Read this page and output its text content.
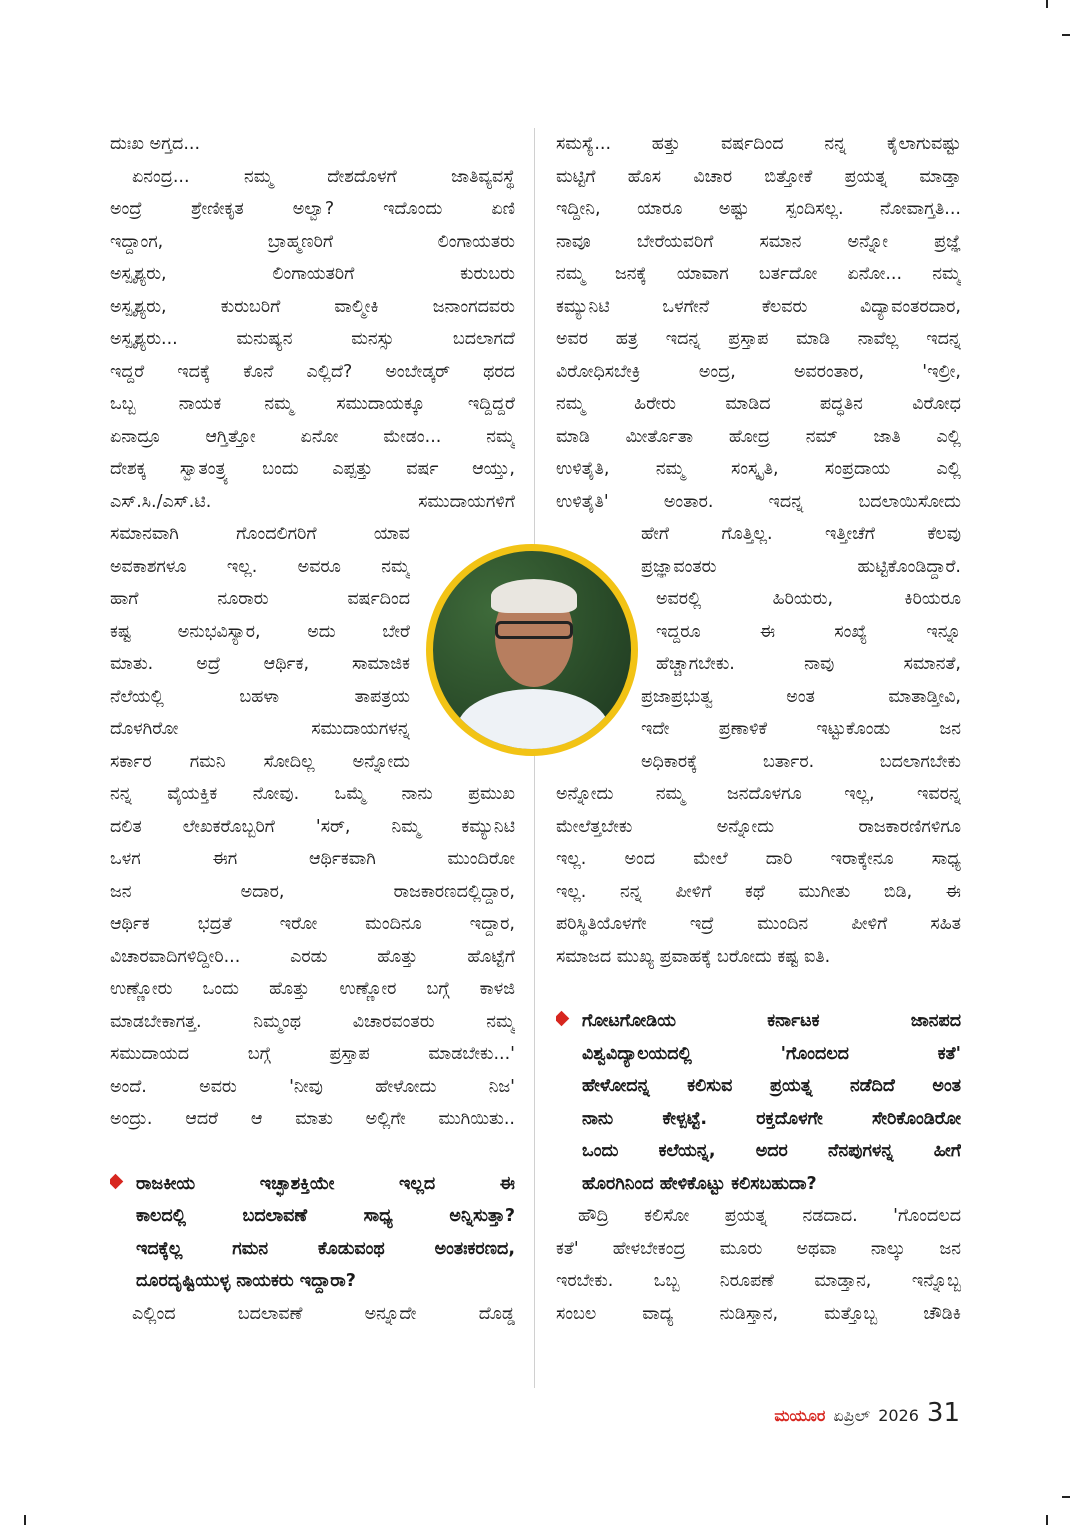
ದುಃಖ ಅಗ್ತದ...
ಏನಂದ್ರ... ನಮ್ಮ ದೇಶದೊಳಗೆ ಜಾತಿವ್ಯವಸ್ಥೆ
ಅಂದ್ರೆ ಶ್ರೇಣೀಕೃತ ಅಲ್ವಾ? ಇದೊಂದು ಏಣಿ
ಇದ್ದಾಂಗ, ಬ್ರಾಹ್ಮಣರಿಗೆ ಲಿಂಗಾಯತರು
ಅಸ್ಪೃಶ್ಯರು, ಲಿಂಗಾಯತರಿಗೆ ಕುರುಬರು
ಅಸ್ಪೃಶ್ಯರು, ಕುರುಬರಿಗೆ ವಾಲ್ಮೀಕಿ ಜನಾಂಗದವರು
ಅಸ್ಪೃಶ್ಯರು... ಮನುಷ್ಯನ ಮನಸ್ಸು ಬದಲಾಗದೆ
ಇದ್ದರೆ ಇದಕ್ಕೆ ಕೊನೆ ಎಲ್ಲಿದೆ? ಅಂಬೇಡ್ಕರ್ ಥರದ
ಒಬ್ಬ ನಾಯಕ ನಮ್ಮ ಸಮುದಾಯಕ್ಕೂ ಇದ್ದಿದ್ದರೆ
ಏನಾದ್ರೂ ಆಗ್ತಿತ್ತೋ ಏನೋ ಮೇಡಂ... ನಮ್ಮ
ದೇಶಕ್ಕ ಸ್ವಾತಂತ್ರ್ಯ ಬಂದು ಎಪ್ಪತ್ತು ವರ್ಷ ಆಯ್ತು,
ಎಸ್.ಸಿ./ಎಸ್.ಟಿ. ಸಮುದಾಯಗಳಿಗೆ
ಸಮಾನವಾಗಿ ಗೊಂದಲಿಗರಿಗೆ ಯಾವ
ಅವಕಾಶಗಳೂ ಇಲ್ಲ. ಅವರೂ ನಮ್ಮ
ಹಾಗೆ ನೂರಾರು ವರ್ಷದಿಂದ
ಕಷ್ಟ ಅನುಭವಿಸ್ಯಾರ, ಅದು ಬೇರೆ
ಮಾತು. ಅದ್ರೆ ಆರ್ಥಿಕ, ಸಾಮಾಜಿಕ
ನೆಲೆಯಲ್ಲಿ ಬಹಳಾ ತಾಪತ್ರಯ
ದೊಳಗಿರೋ ಸಮುದಾಯಗಳನ್ನ
ಸರ್ಕಾರ ಗಮನಿ ಸೋದಿಲ್ಲ ಅನ್ನೋದು
ನನ್ನ ವೈಯಕ್ತಿಕ ನೋವು. ಒಮ್ಮೆ ನಾನು ಪ್ರಮುಖ
ದಲಿತ ಲೇಖಕರೊಬ್ಬರಿಗೆ 'ಸರ್, ನಿಮ್ಮ ಕಮ್ಯುನಿಟಿ
ಒಳಗ ಈಗ ಆರ್ಥಿಕವಾಗಿ ಮುಂದಿರೋ
ಜನ ಅದಾರ, ರಾಜಕಾರಣದಲ್ಲಿದ್ದಾರ,
ಆರ್ಥಿಕ ಭದ್ರತೆ ಇರೋ ಮಂದಿನೂ ಇದ್ದಾರ,
ವಿಚಾರವಾದಿಗಳಿದ್ದೀರಿ... ಎರಡು ಹೊತ್ತು ಹೊಟ್ಟೆಗೆ
ಉಣ್ಣೋರು ಒಂದು ಹೊತ್ತು ಉಣ್ಣೋರ ಬಗ್ಗೆ ಕಾಳಜಿ
ಮಾಡಬೇಕಾಗತ್ತ. ನಿಮ್ಮಂಥ ವಿಚಾರವಂತರು ನಮ್ಮ
ಸಮುದಾಯದ ಬಗ್ಗೆ ಪ್ರಸ್ತಾಪ ಮಾಡಬೇಕು...'
ಅಂದೆ. ಅವರು 'ನೀವು ಹೇಳೋದು ನಿಜ'
ಅಂದ್ರು. ಆದರೆ ಆ ಮಾತು ಅಲ್ಲಿಗೇ ಮುಗಿಯಿತು..
ರಾಜಕೀಯ ಇಚ್ಛಾಶಕ್ತಿಯೇ ಇಲ್ಲದ ಈ
ಕಾಲದಲ್ಲಿ ಬದಲಾವಣೆ ಸಾಧ್ಯ ಅನ್ನಿಸುತ್ತಾ?
ಇದಕ್ಕೆಲ್ಲ ಗಮನ ಕೊಡುವಂಥ ಅಂತಃಕರಣದ,
ದೂರದೃಷ್ಟಿಯುಳ್ಳ ನಾಯಕರು ಇದ್ದಾರಾ?
ಎಲ್ಲಿಂದ ಬದಲಾವಣೆ ಅನ್ನೂದೇ ದೊಡ್ಡ
ಸಮಸ್ಯೆ... ಹತ್ತು ವರ್ಷದಿಂದ ನನ್ನ ಕೈಲಾಗುವಷ್ಟು
ಮಟ್ಟಿಗೆ ಹೊಸ ವಿಚಾರ ಬಿತ್ತೋಕೆ ಪ್ರಯತ್ನ ಮಾಡ್ತಾ
ಇದ್ದೀನಿ, ಯಾರೂ ಅಷ್ಟು ಸ್ಪಂದಿಸಲ್ಲ. ನೋವಾಗ್ತತಿ...
ನಾವೂ ಬೇರೆಯವರಿಗೆ ಸಮಾನ ಅನ್ನೋ ಪ್ರಜ್ಞೆ
ನಮ್ಮ ಜನಕ್ಕೆ ಯಾವಾಗ ಬರ್ತದೋ ಏನೋ... ನಮ್ಮ
ಕಮ್ಯುನಿಟಿ ಒಳಗೇನೆ ಕೆಲವರು ವಿದ್ಯಾವಂತರದಾರ,
ಅವರ ಹತ್ರ ಇದನ್ನ ಪ್ರಸ್ತಾಪ ಮಾಡಿ ನಾವೆಲ್ಲ ಇದನ್ನ
ವಿರೋಧಿಸಬೇಕ್ರಿ ಅಂದ್ರ, ಅವರಂತಾರ, 'ಇಲ್ರೀ,
ನಮ್ಮ ಹಿರೇರು ಮಾಡಿದ ಪದ್ಧತಿನ ವಿರೋಧ
ಮಾಡಿ ಮೀರ್ತೊತಾ ಹೋದ್ರ ನಮ್ ಜಾತಿ ಎಲ್ಲಿ
ಉಳಿತೈತಿ, ನಮ್ಮ ಸಂಸ್ಕೃತಿ, ಸಂಪ್ರದಾಯ ಎಲ್ಲಿ
ಉಳಿತೈತಿ' ಅಂತಾರ. ಇದನ್ನ ಬದಲಾಯಿಸೋದು
ಹೇಗೆ ಗೊತ್ತಿಲ್ಲ. ಇತ್ತೀಚೆಗೆ ಕೆಲವು
ಪ್ರಜ್ಞಾವಂತರು ಹುಟ್ಟಿಕೊಂಡಿದ್ದಾರೆ.
ಅವರಲ್ಲಿ ಹಿರಿಯರು, ಕಿರಿಯರೂ
ಇದ್ದರೂ ಈ ಸಂಖ್ಯೆ ಇನ್ನೂ
ಹೆಚ್ಚಾಗಬೇಕು. ನಾವು ಸಮಾನತೆ,
ಪ್ರಜಾಪ್ರಭುತ್ವ ಅಂತ ಮಾತಾಡ್ತೀವಿ,
ಇದೇ ಪ್ರಣಾಳಿಕೆ ಇಟ್ಟುಕೊಂಡು ಜನ
ಅಧಿಕಾರಕ್ಕೆ ಬರ್ತಾರ. ಬದಲಾಗಬೇಕು
ಅನ್ನೋದು ನಮ್ಮ ಜನದೊಳಗೂ ಇಲ್ಲ, ಇವರನ್ನ
ಮೇಲೆತ್ತಬೇಕು ಅನ್ನೋದು ರಾಜಕಾರಣಿಗಳಿಗೂ
ಇಲ್ಲ. ಅಂದ ಮೇಲೆ ದಾರಿ ಇರಾಕ್ಕೇನೂ ಸಾಧ್ಯ
ಇಲ್ಲ. ನನ್ನ ಪೀಳಿಗೆ ಕಥೆ ಮುಗೀತು ಬಿಡಿ, ಈ
ಪರಿಸ್ಥಿತಿಯೊಳಗೇ ಇದ್ರೆ ಮುಂದಿನ ಪೀಳಿಗೆ ಸಹಿತ
ಸಮಾಜದ ಮುಖ್ಯ ಪ್ರವಾಹಕ್ಕೆ ಬರೋದು ಕಷ್ಟ ಐತಿ.
ಗೋಟಗೋಡಿಯ ಕರ್ನಾಟಕ ಜಾನಪದ
ವಿಶ್ವವಿದ್ಯಾಲಯದಲ್ಲಿ 'ಗೊಂದಲದ ಕತೆ'
ಹೇಳೋದನ್ನ ಕಲಿಸುವ ಪ್ರಯತ್ನ ನಡೆದಿದೆ ಅಂತ
ನಾನು ಕೇಳ್ಪಟ್ಟೆ. ರಕ್ತದೊಳಗೇ ಸೇರಿಕೊಂಡಿರೋ
ಒಂದು ಕಲೆಯನ್ನ, ಅದರ ನೆನಪುಗಳನ್ನ ಹೀಗೆ
ಹೊರಗಿನಿಂದ ಹೇಳಿಕೊಟ್ಟು ಕಲಿಸಬಹುದಾ?
ಹೌದ್ರಿ ಕಲಿಸೋ ಪ್ರಯತ್ನ ನಡದಾದ. 'ಗೊಂದಲದ
ಕತೆ' ಹೇಳಬೇಕಂದ್ರ ಮೂರು ಅಥವಾ ನಾಲ್ಕು ಜನ
ಇರಬೇಕು. ಒಬ್ಬ ನಿರೂಪಣೆ ಮಾಡ್ತಾನ, ಇನ್ನೊಬ್ಬ
ಸಂಬಲ ವಾದ್ಯ ನುಡಿಸ್ತಾನ, ಮತ್ತೊಬ್ಬ ಚೌಡಿಕಿ
ಮಯೂರ ಏಪ್ರಿಲ್ 2026 31
